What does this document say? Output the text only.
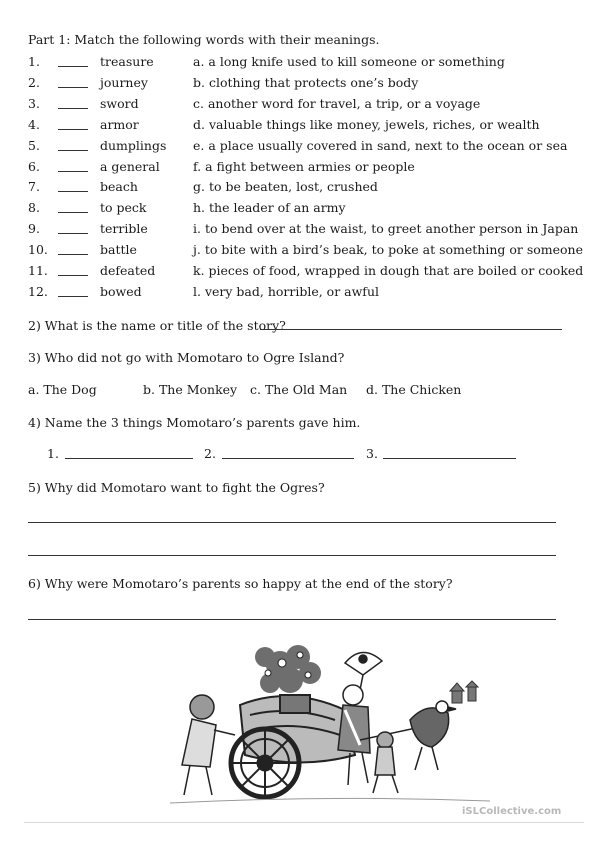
Part 1: Match the following words with their meanings.
1.	treasure	a. a long knife used to kill someone or something
2.	journey	b. clothing that protects one’s body
3.	sword	c. another word for travel, a trip, or a voyage
4.	armor	d. valuable things like money, jewels, riches, or wealth
5.	dumplings e. a place usually covered in sand, next to the ocean or sea
6.	a general	f. a fight between armies or people
7.	beach	g. to be beaten, lost, crushed
8.	to peck	h. the leader of an army
9.	terrible	i. to bend over at the waist, to greet another person in Japan
10.	battle	j. to bite with a bird’s beak, to poke at something or someone
11.	defeated	k. pieces of food, wrapped in dough that are boiled or cooked
12.	bowed	l. very bad, horrible, or awful
2) What is the name or title of the story?
3) Who did not go with Momotaro to Ogre Island?
a. The Dog	b. The Monkey c. The Old Man d. The Chicken
4) Name the 3 things Momotaro’s parents gave him.
1.	2.	3.
5) Why did Momotaro want to fight the Ogres?
6) Why were Momotaro’s parents so happy at the end of the story?
iSLCollective.com
